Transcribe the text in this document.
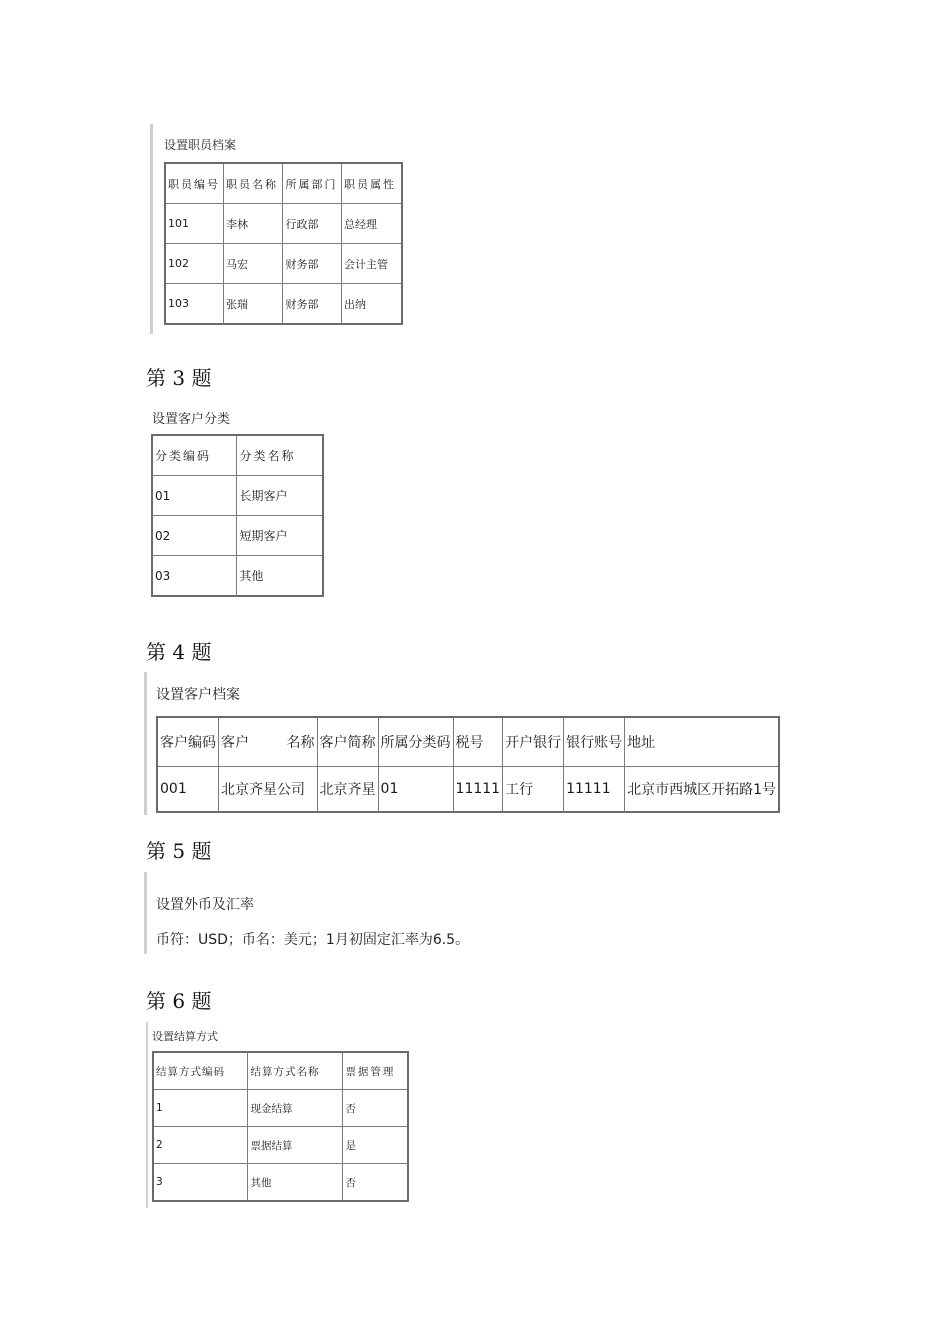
设置职员档案
职员编号	职员名称	所属部门	职员属性
101	李林	行政部	总经理
102	马宏	财务部	会计主管
103	张瑞	财务部	出纳
第 3 题
设置客户分类
分类编码	分类名称
01	长期客户
02	短期客户
03	其他
第 4 题
设置客户档案
客户编码	客户 名称	客户简称	所属分类码	税号	开户银行	银行账号	地址
001	北京齐星公司	北京齐星	01	11111	工行	11111	北京市西城区开拓路1号
第 5 题
设置外币及汇率
币符：USD；币名：美元；1月初固定汇率为6.5。
第 6 题
设置结算方式
结算方式编码	结算方式名称	票据管理
1	现金结算	否
2	票据结算	是
3	其他	否
